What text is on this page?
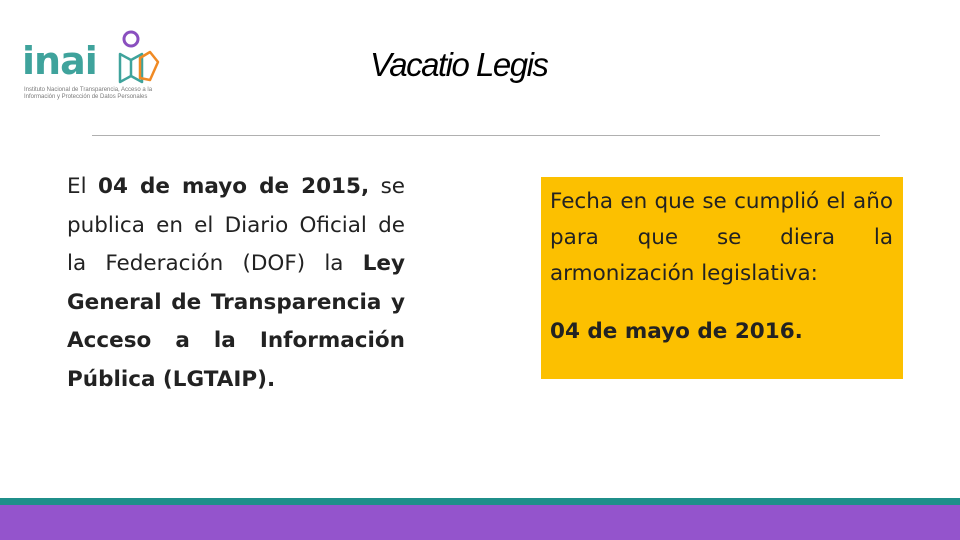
inai
Instituto Nacional de Transparencia, Acceso a la Información y Protección de Datos Personales
Vacatio Legis

El 04 de mayo de 2015, se publica en el Diario Oficial de la Federación (DOF) la Ley General de Transparencia y Acceso a la Información Pública (LGTAIP).

Fecha en que se cumplió el año para que se diera la armonización legislativa:

04 de mayo de 2016.
